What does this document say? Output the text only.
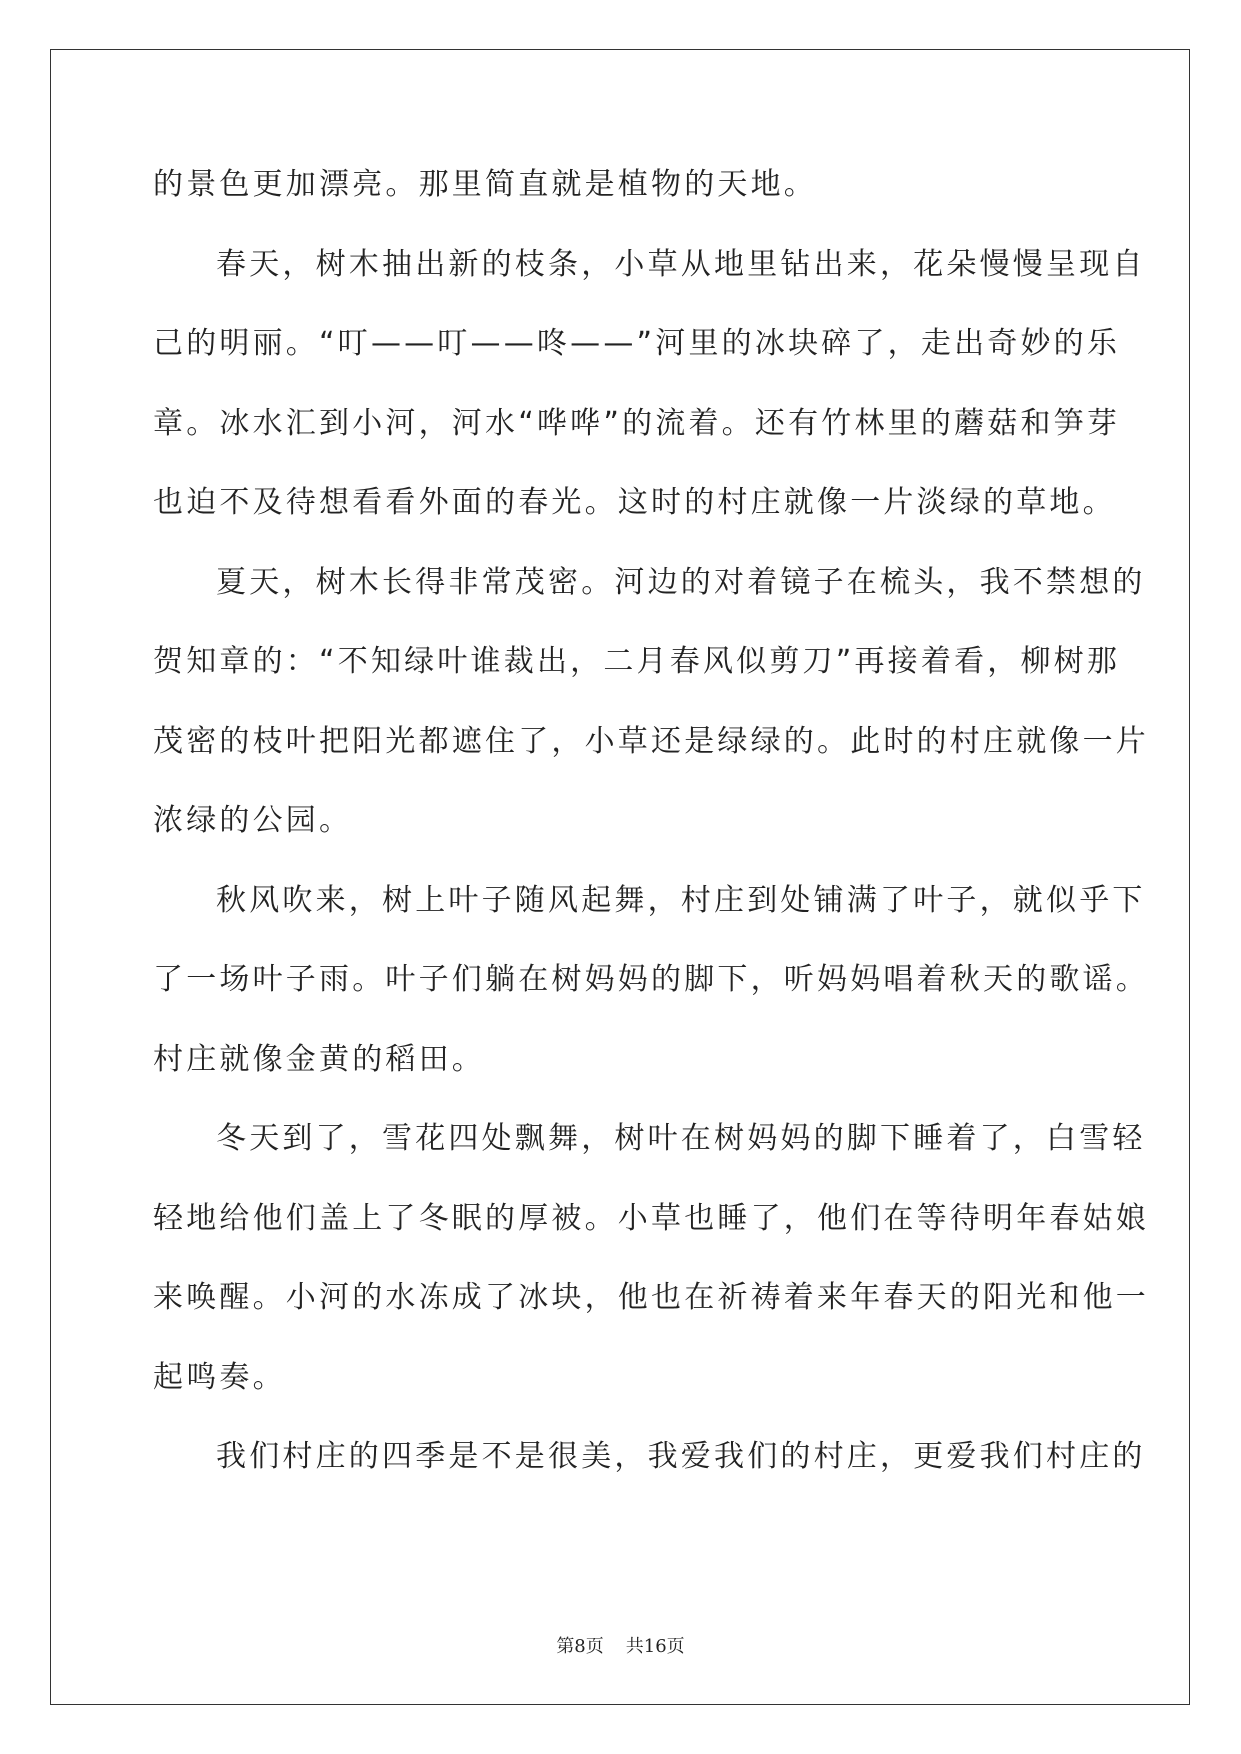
的景色更加漂亮。那里简直就是植物的天地。
春天，树木抽出新的枝条，小草从地里钻出来，花朵慢慢呈现自
己的明丽。“叮——叮——咚——”河里的冰块碎了，走出奇妙的乐
章。冰水汇到小河，河水“哗哗”的流着。还有竹林里的蘑菇和笋芽
也迫不及待想看看外面的春光。这时的村庄就像一片淡绿的草地。
夏天，树木长得非常茂密。河边的对着镜子在梳头，我不禁想的
贺知章的：“不知绿叶谁裁出，二月春风似剪刀”再接着看，柳树那
茂密的枝叶把阳光都遮住了，小草还是绿绿的。此时的村庄就像一片
浓绿的公园。
秋风吹来，树上叶子随风起舞，村庄到处铺满了叶子，就似乎下
了一场叶子雨。叶子们躺在树妈妈的脚下，听妈妈唱着秋天的歌谣。
村庄就像金黄的稻田。
冬天到了，雪花四处飘舞，树叶在树妈妈的脚下睡着了，白雪轻
轻地给他们盖上了冬眠的厚被。小草也睡了，他们在等待明年春姑娘
来唤醒。小河的水冻成了冰块，他也在祈祷着来年春天的阳光和他一
起鸣奏。
我们村庄的四季是不是很美，我爱我们的村庄，更爱我们村庄的
第8页 共16页
